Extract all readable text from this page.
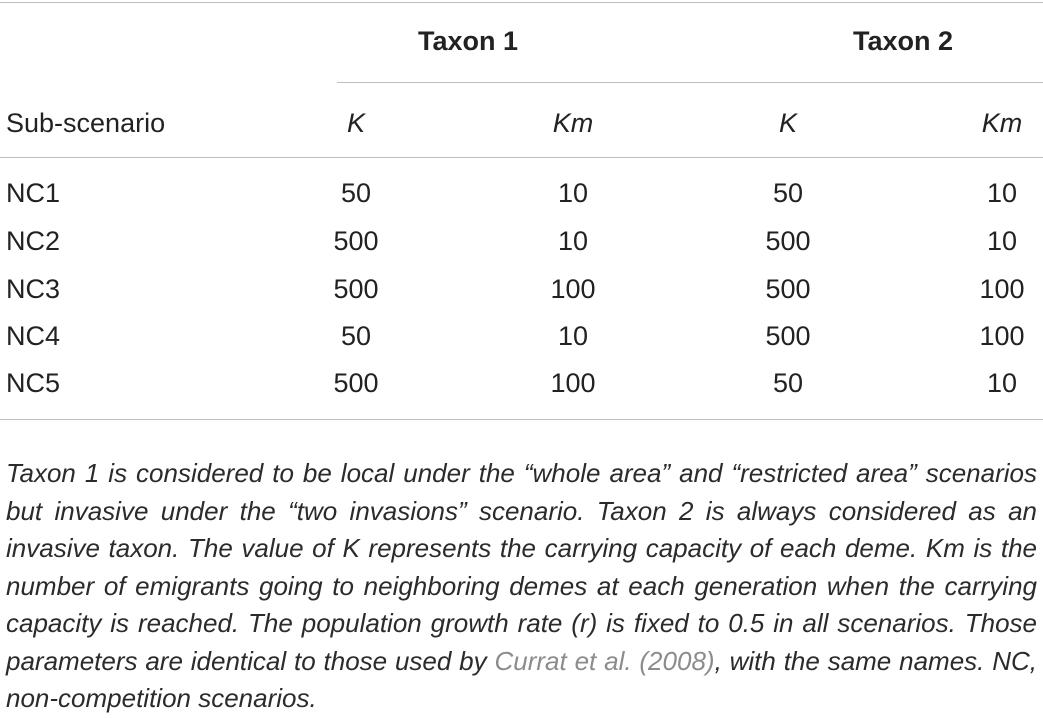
Taxon 1	Taxon 2
Sub-scenario	K	Km	K	Km
NC1	50	10	50	10
NC2	500	10	500	10
NC3	500	100	500	100
NC4	50	10	500	100
NC5	500	100	50	10

Taxon 1 is considered to be local under the “whole area” and “restricted area” scenarios but invasive under the “two invasions” scenario. Taxon 2 is always considered as an invasive taxon. The value of K represents the carrying capacity of each deme. Km is the number of emigrants going to neighboring demes at each generation when the carrying capacity is reached. The population growth rate (r) is fixed to 0.5 in all scenarios. Those parameters are identical to those used by Currat et al. (2008), with the same names. NC, non-competition scenarios.
